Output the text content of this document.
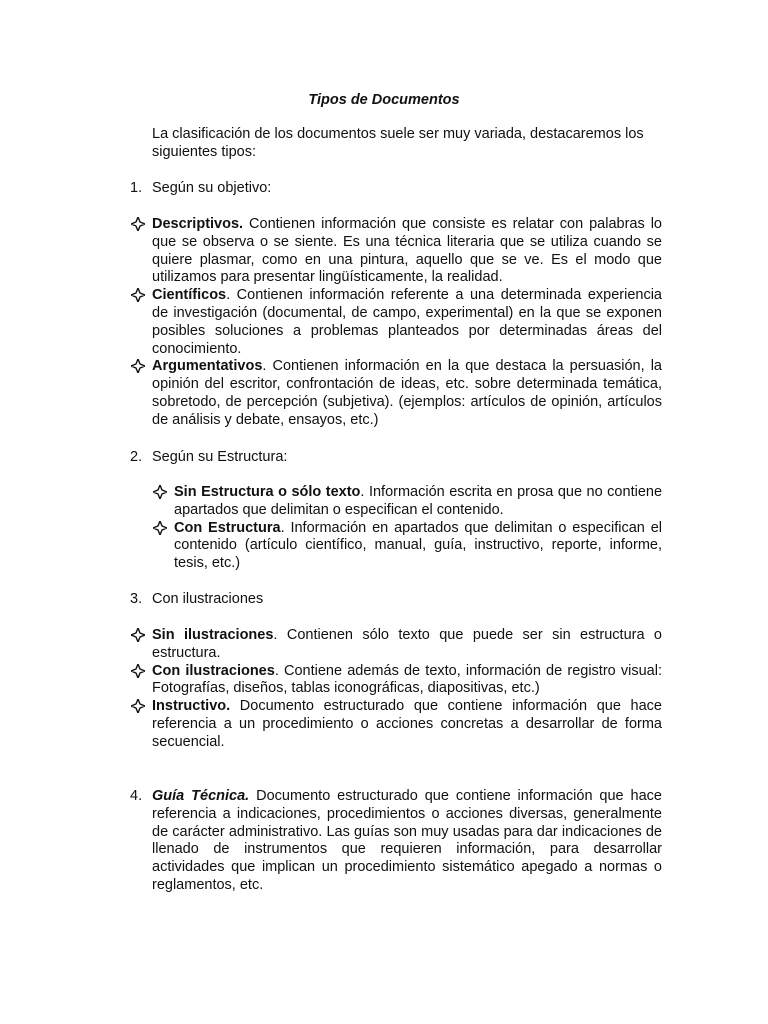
Tipos de Documentos
La clasificación de los documentos suele ser muy variada, destacaremos los siguientes tipos:
1. Según su objetivo:
Descriptivos. Contienen información que consiste es relatar con palabras lo que se observa o se siente. Es una técnica literaria que se utiliza cuando se quiere plasmar, como en una pintura, aquello que se ve. Es el modo que utilizamos para presentar lingüísticamente, la realidad.
Científicos. Contienen información referente a una determinada experiencia de investigación (documental, de campo, experimental) en la que se exponen posibles soluciones a problemas planteados por determinadas áreas del conocimiento.
Argumentativos. Contienen información en la que destaca la persuasión, la opinión del escritor, confrontación de ideas, etc. sobre determinada temática, sobretodo, de percepción (subjetiva). (ejemplos: artículos de opinión, artículos de análisis y debate, ensayos, etc.)
2. Según su Estructura:
Sin Estructura o sólo texto. Información escrita en prosa que no contiene apartados que delimitan o especifican el contenido.
Con Estructura. Información en apartados que delimitan o especifican el contenido (artículo científico, manual, guía, instructivo, reporte, informe, tesis, etc.)
3. Con ilustraciones
Sin ilustraciones. Contienen sólo texto que puede ser sin estructura o estructura.
Con ilustraciones. Contiene además de texto, información de registro visual: Fotografías, diseños, tablas iconográficas, diapositivas, etc.)
Instructivo. Documento estructurado que contiene información que hace referencia a un procedimiento o acciones concretas a desarrollar de forma secuencial.
4. Guía Técnica. Documento estructurado que contiene información que hace referencia a indicaciones, procedimientos o acciones diversas, generalmente de carácter administrativo. Las guías son muy usadas para dar indicaciones de llenado de instrumentos que requieren información, para desarrollar actividades que implican un procedimiento sistemático apegado a normas o reglamentos, etc.
